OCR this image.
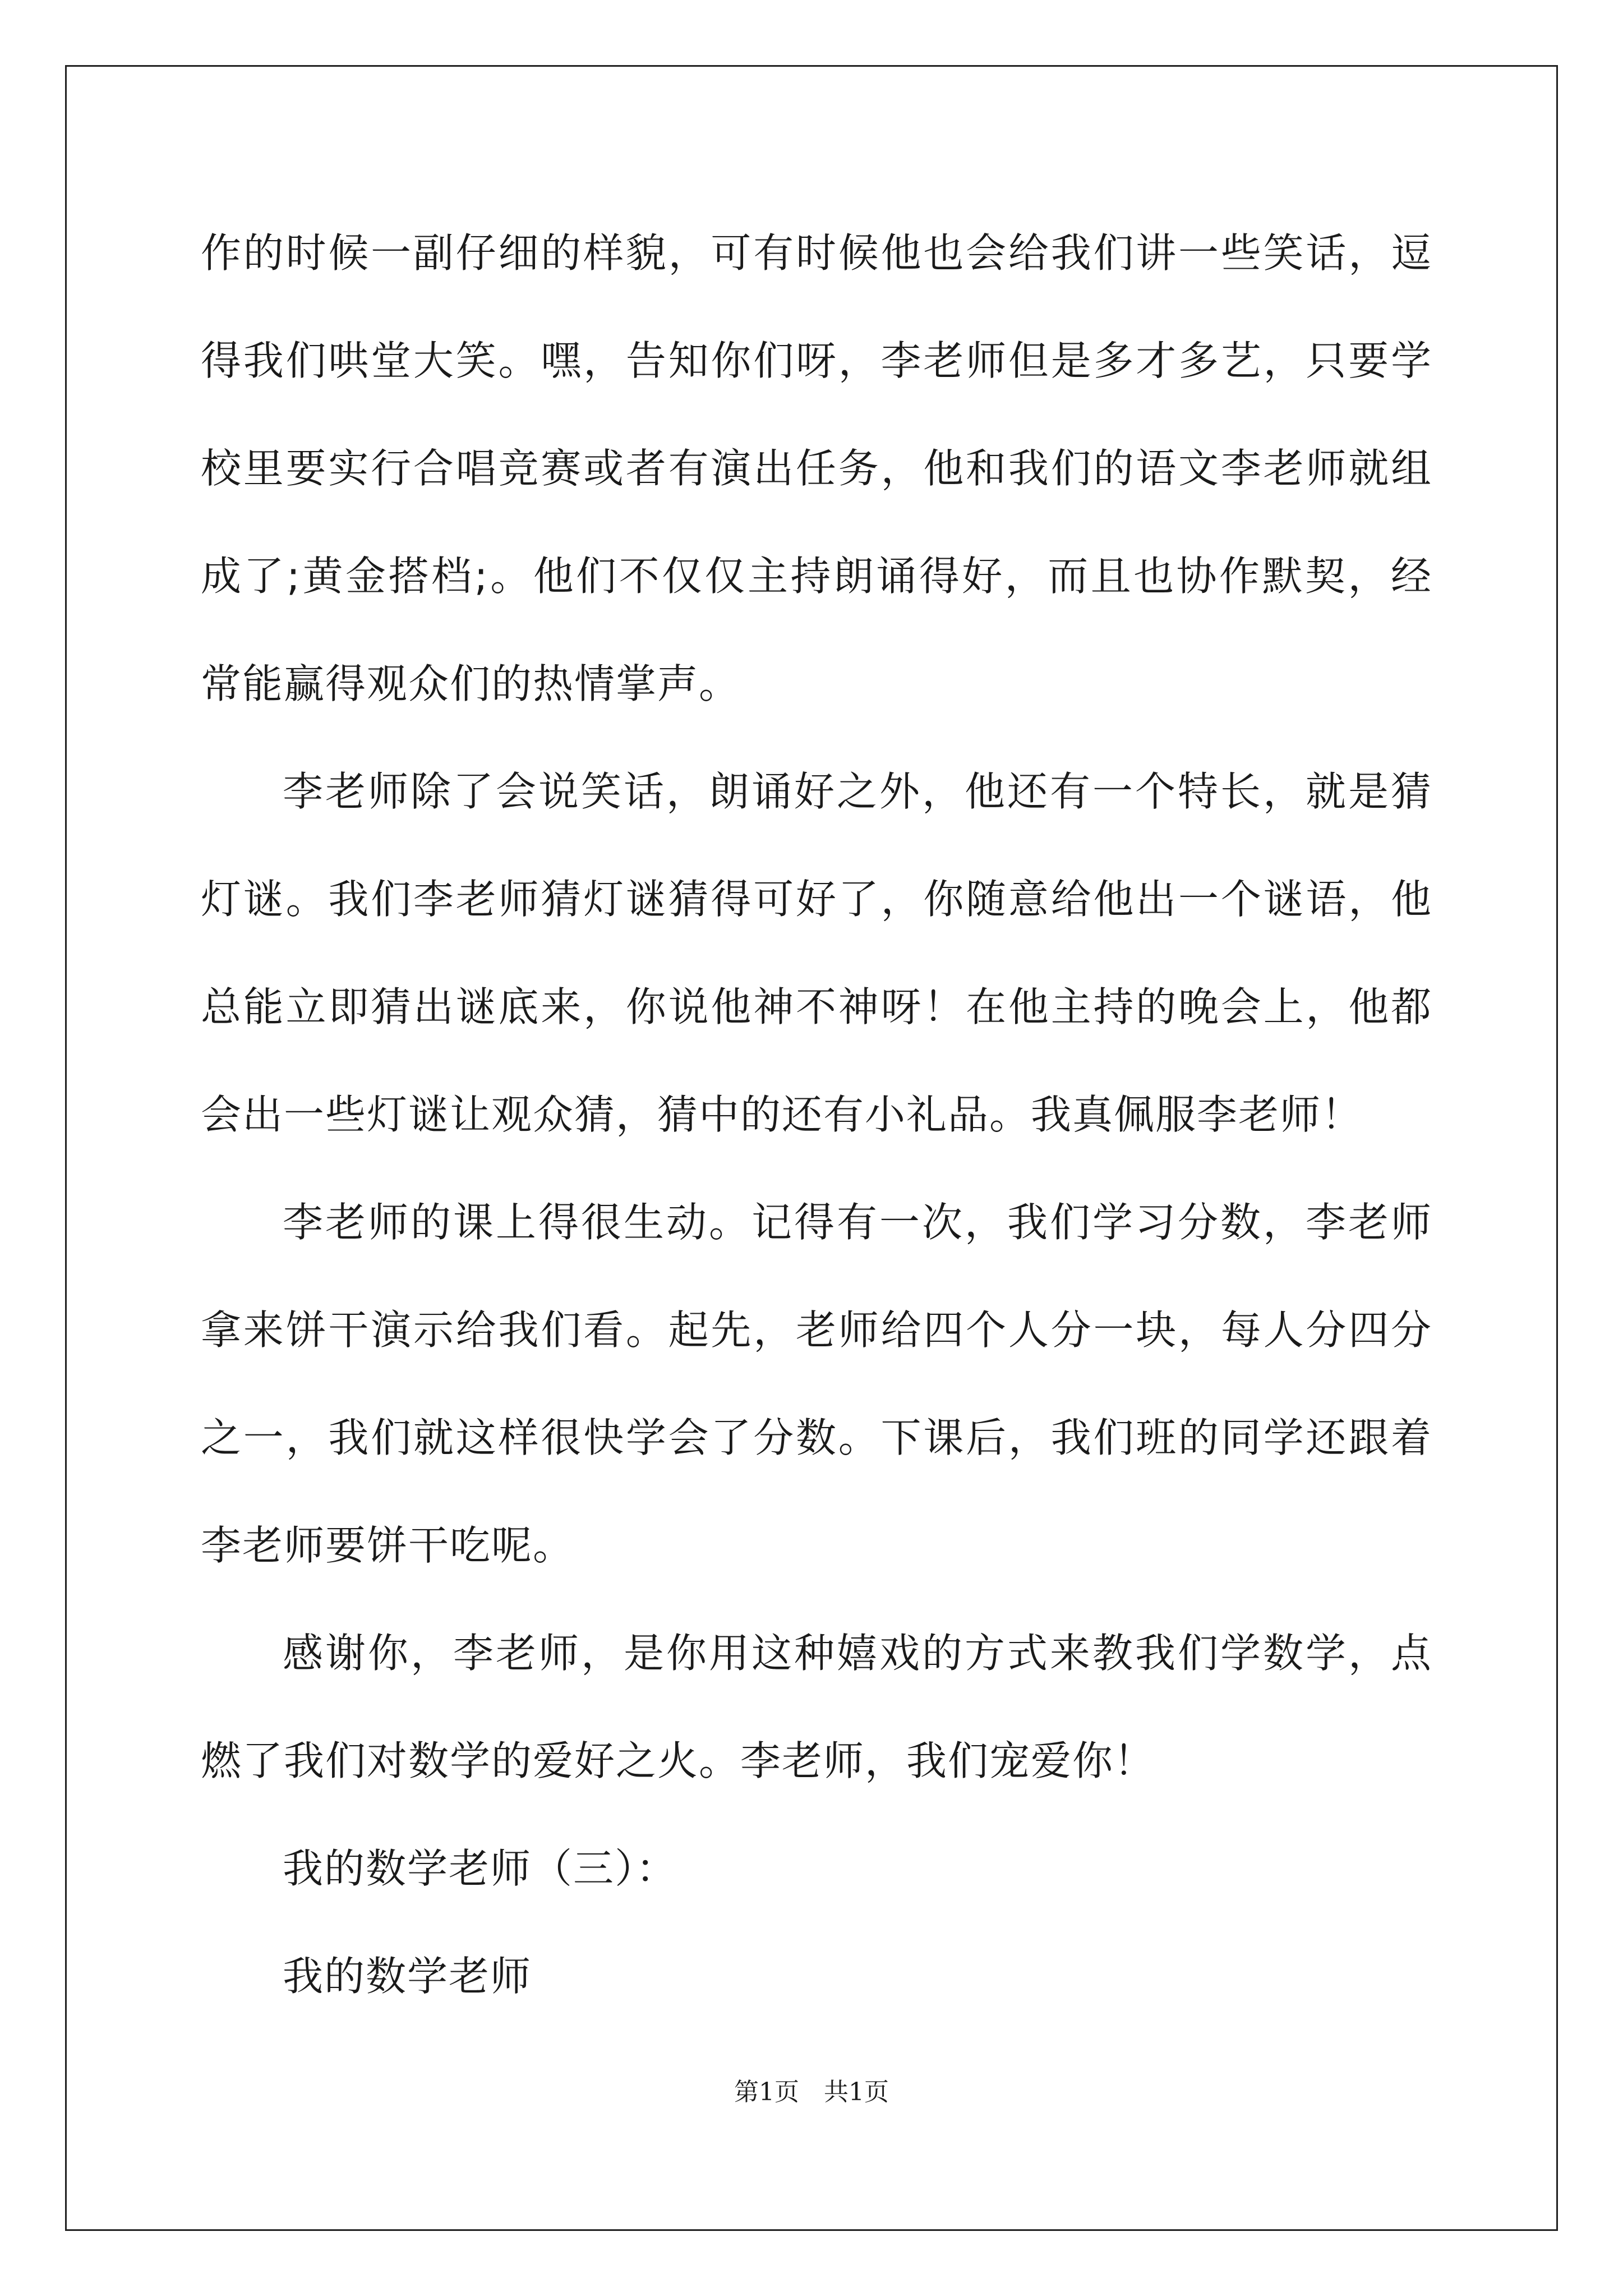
作的时候一副仔细的样貌，可有时候他也会给我们讲一些笑话，逗得我们哄堂大笑。嘿，告知你们呀，李老师但是多才多艺，只要学校里要实行合唱竞赛或者有演出任务，他和我们的语文李老师就组成了;黄金搭档;。他们不仅仅主持朗诵得好，而且也协作默契，经常能赢得观众们的热情掌声。

李老师除了会说笑话，朗诵好之外，他还有一个特长，就是猜灯谜。我们李老师猜灯谜猜得可好了，你随意给他出一个谜语，他总能立即猜出谜底来，你说他神不神呀！在他主持的晚会上，他都会出一些灯谜让观众猜，猜中的还有小礼品。我真佩服李老师！

李老师的课上得很生动。记得有一次，我们学习分数，李老师拿来饼干演示给我们看。起先，老师给四个人分一块，每人分四分之一，我们就这样很快学会了分数。下课后，我们班的同学还跟着李老师要饼干吃呢。

感谢你，李老师，是你用这种嬉戏的方式来教我们学数学，点燃了我们对数学的爱好之火。李老师，我们宠爱你！

我的数学老师（三）：

我的数学老师

第1页 共1页
